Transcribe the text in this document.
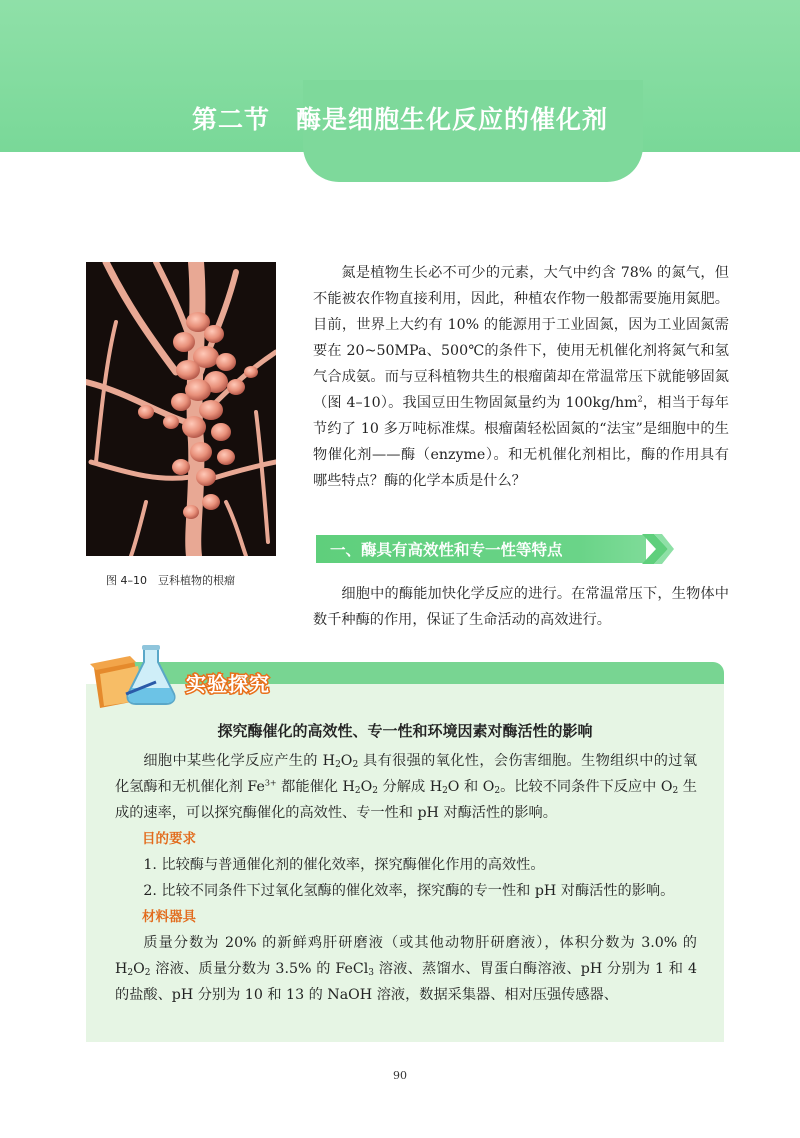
第二节　酶是细胞生化反应的催化剂
图 4–10　豆科植物的根瘤

氮是植物生长必不可少的元素，大气中约含 78% 的氮气，但不能被农作物直接利用，因此，种植农作物一般都需要施用氮肥。目前，世界上大约有 10% 的能源用于工业固氮，因为工业固氮需要在 20~50MPa、500℃的条件下，使用无机催化剂将氮气和氢气合成氨。而与豆科植物共生的根瘤菌却在常温常压下就能够固氮（图 4–10）。我国豆田生物固氮量约为 $100kg/hm^2$，相当于每年节约了 10 多万吨标准煤。根瘤菌轻松固氮的“法宝”是细胞中的生物催化剂——酶（enzyme）。和无机催化剂相比，酶的作用具有哪些特点？酶的化学本质是什么？

一、酶具有高效性和专一性等特点

细胞中的酶能加快化学反应的进行。在常温常压下，生物体中数千种酶的作用，保证了生命活动的高效进行。

实验探究
探究酶催化的高效性、专一性和环境因素对酶活性的影响

细胞中某些化学反应产生的 $H_2O_2$ 具有很强的氧化性，会伤害细胞。生物组织中的过氧化氢酶和无机催化剂 $Fe^{3+}$ 都能催化 $H_2O_2$ 分解成 $H_2O$ 和 $O_2$。比较不同条件下反应中 $O_2$ 生成的速率，可以探究酶催化的高效性、专一性和 pH 对酶活性的影响。

目的要求

1. 比较酶与普通催化剂的催化效率，探究酶催化作用的高效性。

2. 比较不同条件下过氧化氢酶的催化效率，探究酶的专一性和 pH 对酶活性的影响。

材料器具

质量分数为 20% 的新鲜鸡肝研磨液（或其他动物肝研磨液），体积分数为 3.0% 的 $H_2O_2$ 溶液、质量分数为 3.5% 的 FeCl$_3$ 溶液、蒸馏水、胃蛋白酶溶液、pH 分别为 1 和 4 的盐酸、pH 分别为 10 和 13 的 NaOH 溶液，数据采集器、相对压强传感器、

90
